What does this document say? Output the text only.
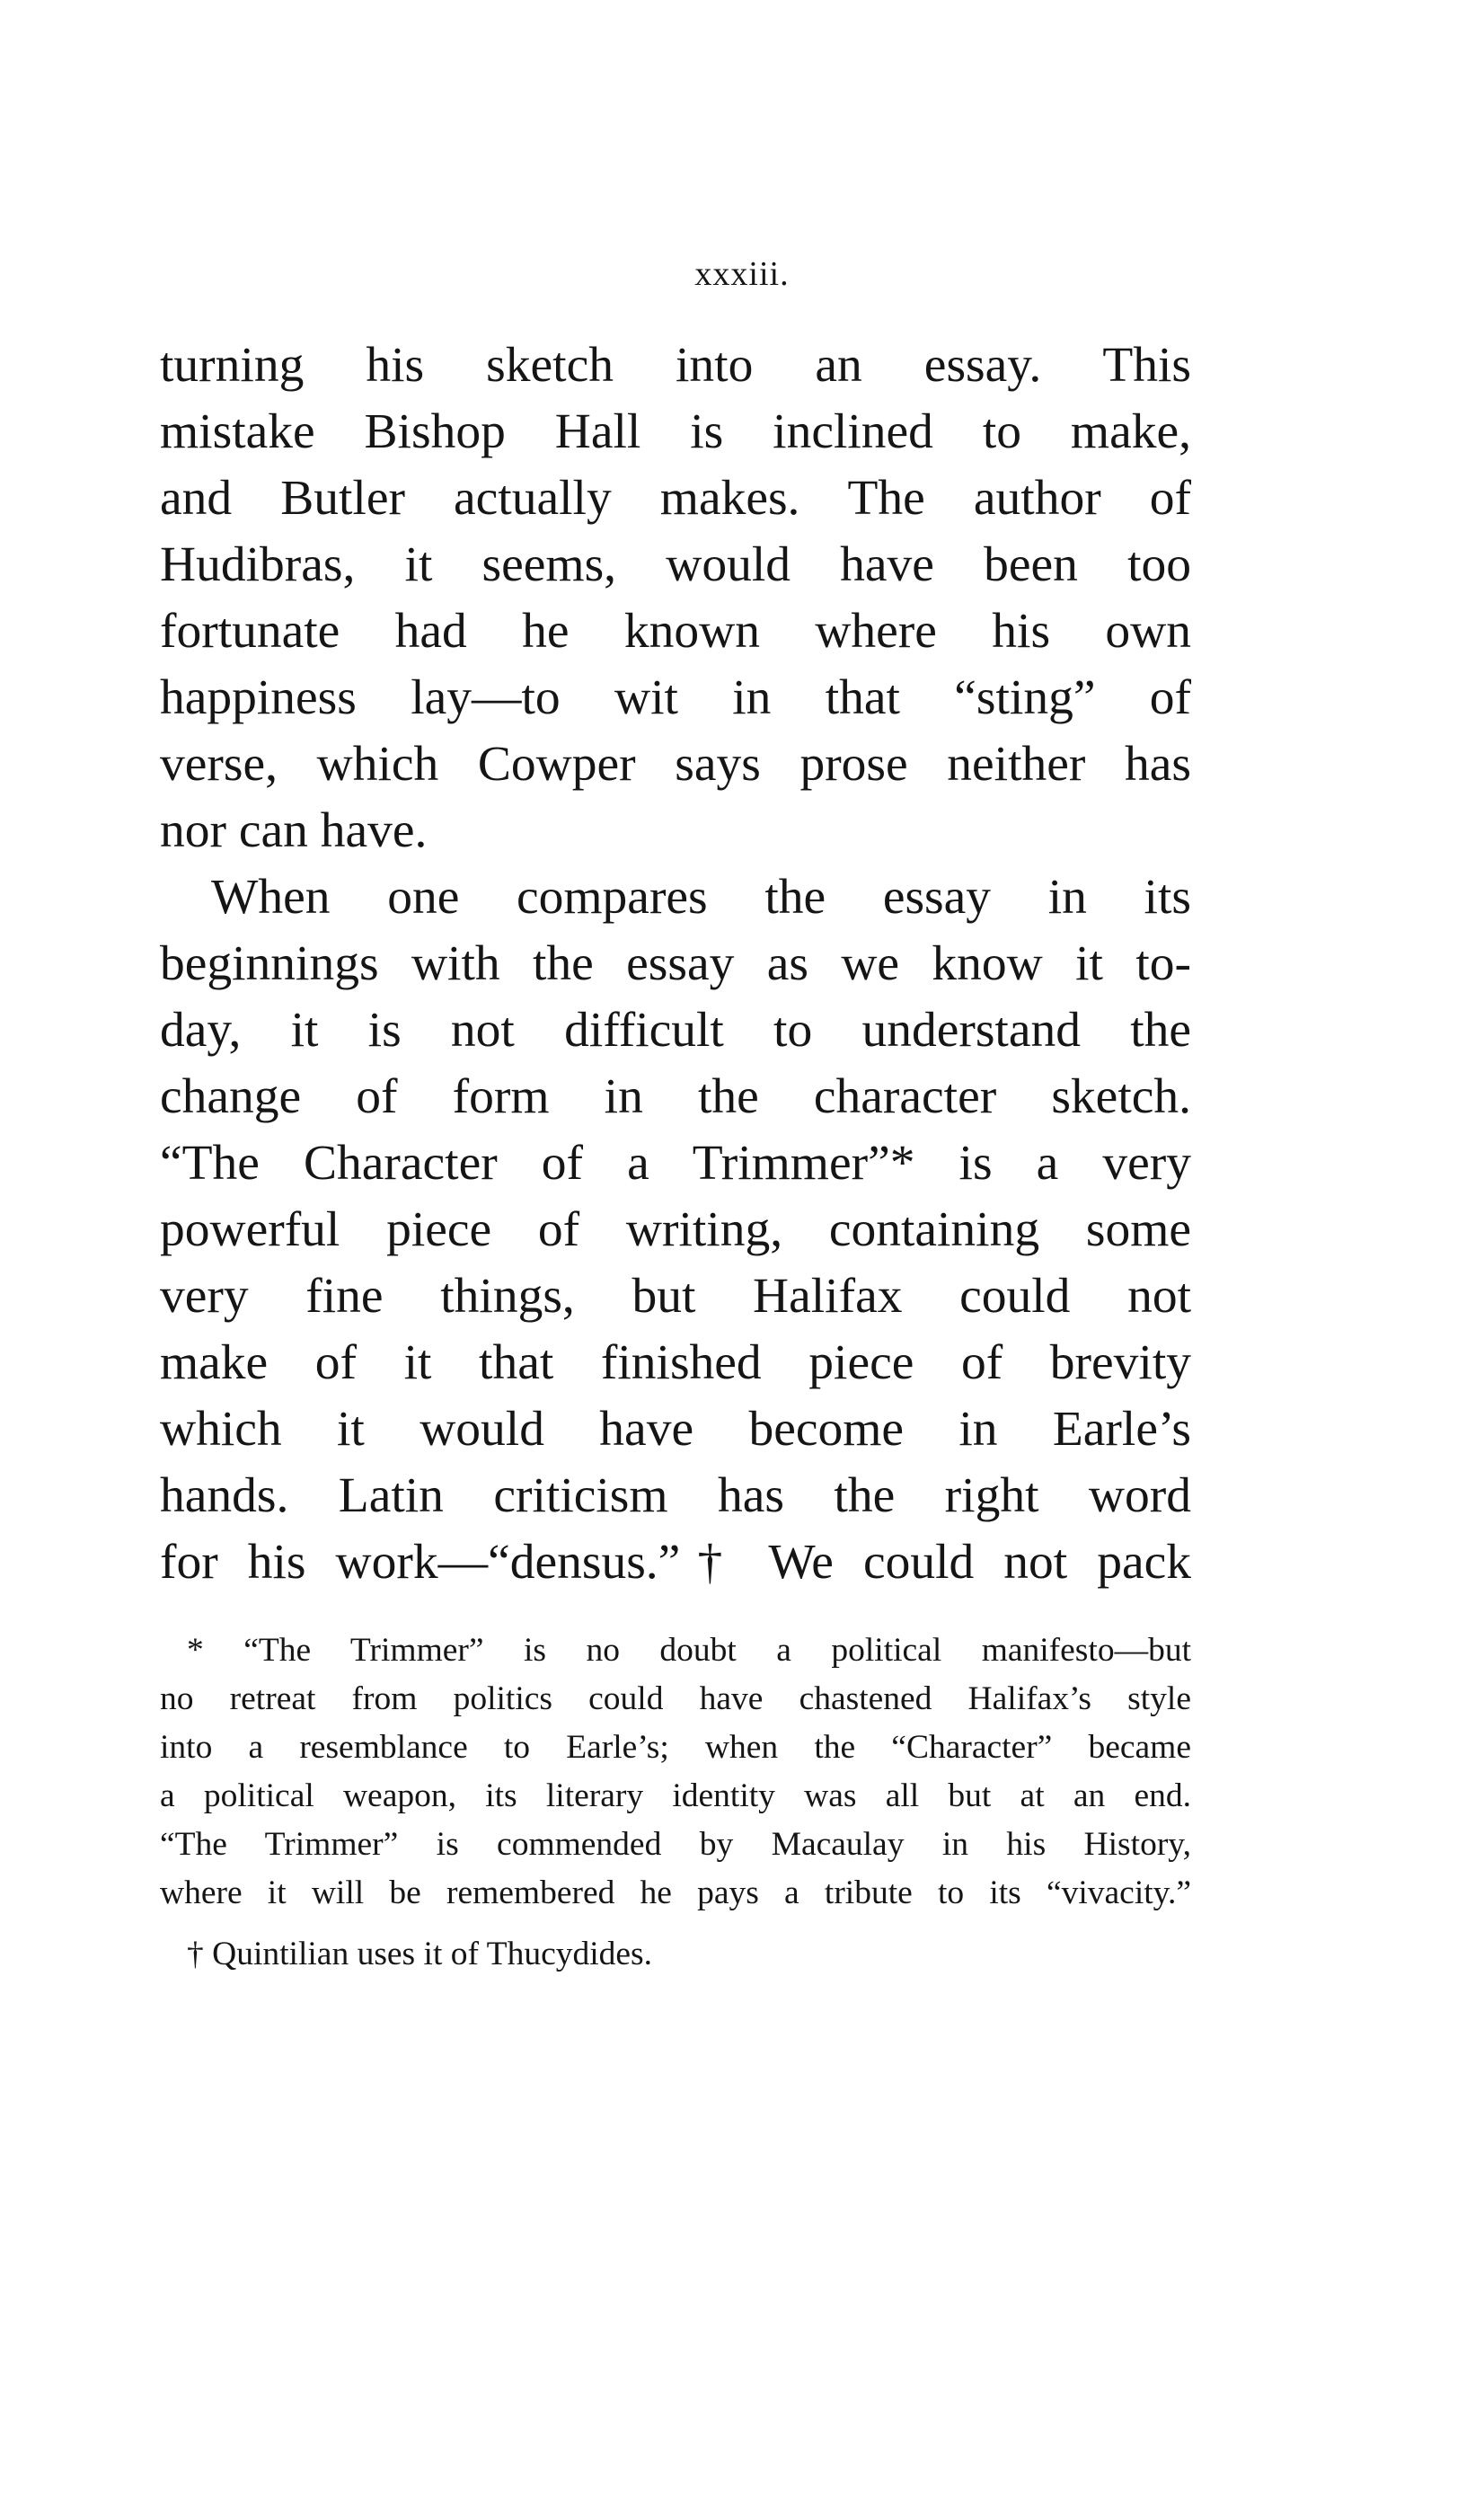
xxxiii.
turning his sketch into an essay. This
mistake Bishop Hall is inclined to make,
and Butler actually makes. The author of
Hudibras, it seems, would have been too
fortunate had he known where his own
happiness lay—to wit in that “sting” of
verse, which Cowper says prose neither has
nor can have.
When one compares the essay in its
beginnings with the essay as we know it to-
day, it is not difficult to understand the
change of form in the character sketch.
“The Character of a Trimmer”* is a very
powerful piece of writing, containing some
very fine things, but Halifax could not
make of it that finished piece of brevity
which it would have become in Earle’s
hands. Latin criticism has the right word
for his work—“densus.”† We could not pack
* “The Trimmer” is no doubt a political manifesto—but
no retreat from politics could have chastened Halifax’s style
into a resemblance to Earle’s; when the “Character” became
a political weapon, its literary identity was all but at an end.
“The Trimmer” is commended by Macaulay in his History,
where it will be remembered he pays a tribute to its “vivacity.”
† Quintilian uses it of Thucydides.
